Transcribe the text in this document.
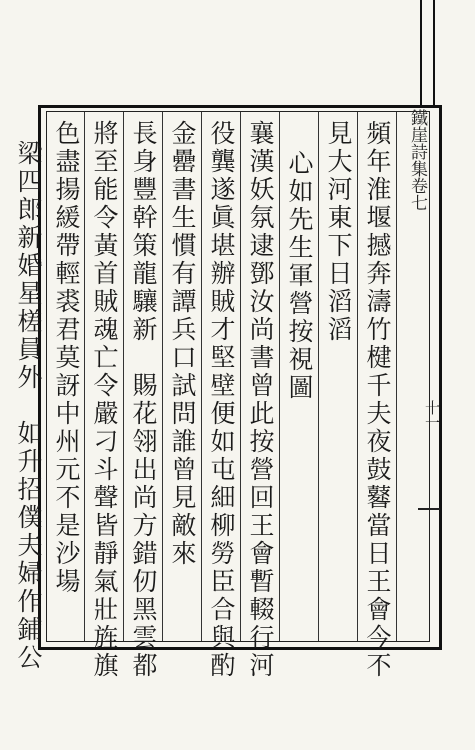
鐵崖詩集卷七
十一
頻年淮堰撼奔濤竹楗千夫夜鼓鼛當日王會今不
見大河東下日滔滔
心如先生軍營按視圖
襄漢妖氛逮鄧汝尚書曾此按營回王會暫輟行河
役龔遂眞堪辦賊才堅壁便如屯細柳勞臣合與酌
金罍書生慣有譚兵口試問誰曾見敵來
長身豐幹策龍驤新　賜花翎出尚方錯仞黑雲都
將至能令黃首賊魂亡令嚴刁斗聲皆靜氣壯旌旗
色盡揚緩帶輕裘君莫訝中州元不是沙場
梁四郎新婚星槎員外　如升招僕夫婦作鋪公
